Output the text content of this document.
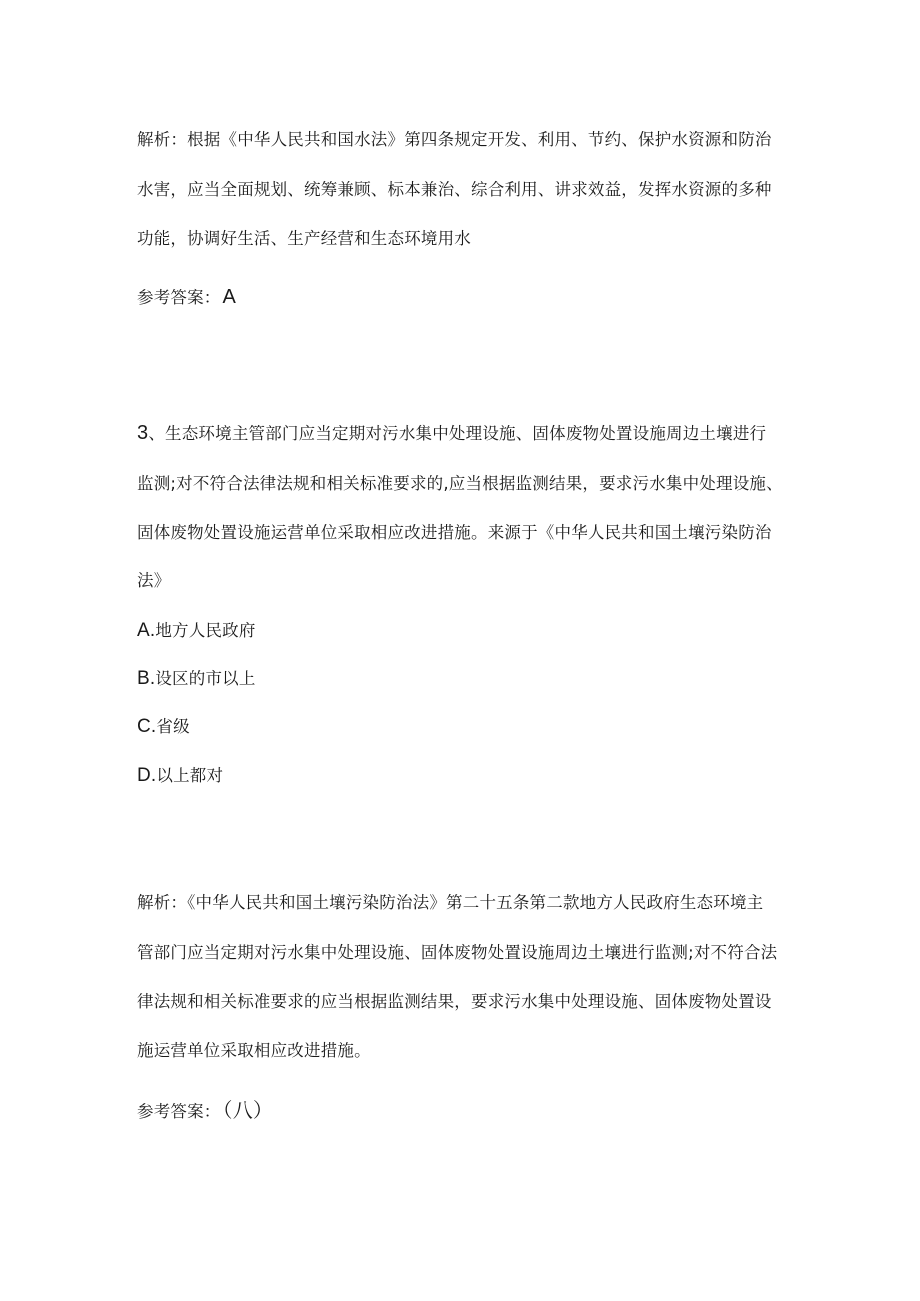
解析：根据《中华人民共和国水法》第四条规定开发、利用、节约、保护水资源和防治
水害，应当全面规划、统筹兼顾、标本兼治、综合利用、讲求效益，发挥水资源的多种
功能，协调好生活、生产经营和生态环境用水
参考答案： A
3、生态环境主管部门应当定期对污水集中处理设施、固体废物处置设施周边土壤进行
监测;对不符合法律法规和相关标准要求的,应当根据监测结果，要求污水集中处理设施、
固体废物处置设施运营单位采取相应改进措施。来源于《中华人民共和国土壤污染防治
法》
A.地方人民政府
B.设区的市以上
C.省级
D.以上都对
解析：《中华人民共和国土壤污染防治法》第二十五条第二款地方人民政府生态环境主
管部门应当定期对污水集中处理设施、固体废物处置设施周边土壤进行监测;对不符合法
律法规和相关标准要求的应当根据监测结果，要求污水集中处理设施、固体废物处置设
施运营单位采取相应改进措施。
参考答案： （八）
